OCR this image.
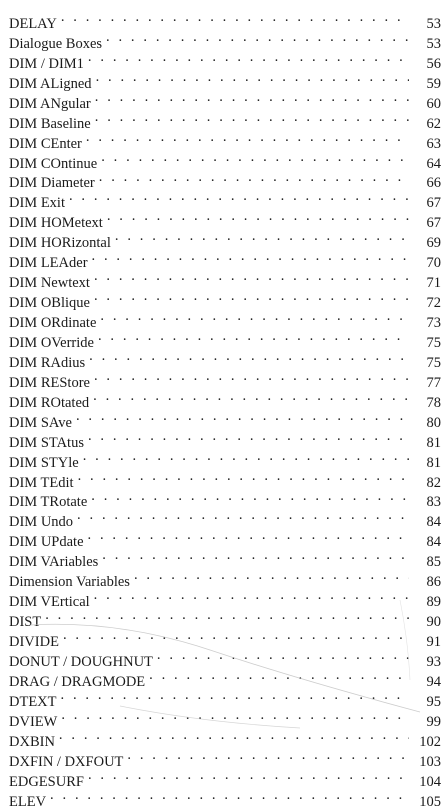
DELAY . . .	53
Dialogue Boxes . . .	53
DIM / DIM1 . . .	56
DIM ALigned . . .	59
DIM ANgular . . .	60
DIM Baseline . . .	62
DIM CEnter . . .	63
DIM COntinue . . .	64
DIM Diameter . . .	66
DIM Exit . . .	67
DIM HOMetext . . .	67
DIM HORizontal . . .	69
DIM LEAder . . .	70
DIM Newtext . . .	71
DIM OBlique . . .	72
DIM ORdinate . . .	73
DIM OVerride . . .	75
DIM RAdius . . .	75
DIM REStore . . .	77
DIM ROtated . . .	78
DIM SAve . . .	80
DIM STAtus . . .	81
DIM STYle . . .	81
DIM TEdit . . .	82
DIM TRotate . . .	83
DIM Undo . . .	84
DIM UPdate . . .	84
DIM VAriables . . .	85
Dimension Variables . . .	86
DIM VErtical . . .	89
DIST . . .	90
DIVIDE . . .	91
DONUT / DOUGHNUT . . .	93
DRAG / DRAGMODE . . .	94
DTEXT . . .	95
DVIEW . . .	99
DXBIN . . .	102
DXFIN / DXFOUT . . .	103
EDGESURF . . .	104
ELEV . . .	105
